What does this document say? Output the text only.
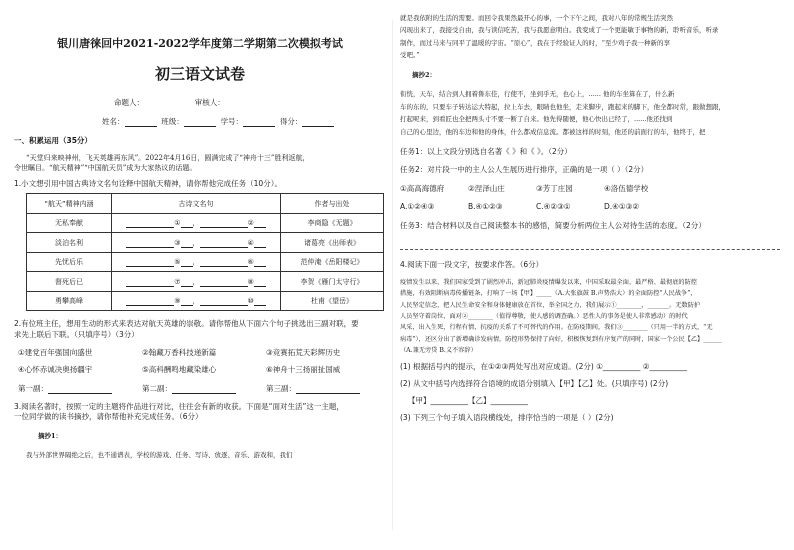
银川唐徕回中2021-2022学年度第二学期第二次模拟考试
初三语文试卷
命题人：	审核人：
姓名：	班级：	学号：	得分：
一、积累运用（35分）
“天堂归来映神州，飞天英雄再东风”。2022年4月16日，圆满完成了“神舟十三”胜利返航，
令世瞩目。“航天精神”“中国航天员”成为大家热议的话题。
1.小文想引用中国古典诗文名句诠释中国航天精神，请你帮他完成任务（10分）。
“航天”精神内涵	古诗文名句	作者与出处
无私奉献	① ， ②	李商隐《无题》
淡泊名利	③ ， ④	诸葛亮《出师表》
先忧后乐	⑤ ， ⑥	范仲淹《岳阳楼记》
督死后已	⑦ ， ⑧	李贺《雁门太守行》
勇攀高峰	⑨ ， ⑩	杜甫《望岳》
2.有位班主任，想用生动的形式来表达对航天英雄的崇敬。请你帮他从下面六个句子挑选出三副对联，要
求先上联后下联。（只填序号）（3分）
①建党百年强国向盛世	②翰藏万香科技递新篇	③竞赛拓荒天彩辉历史
④心怀赤诚决奥扬疆宇	⑤高科酬鸣地藏染雄心	⑥神舟十三扬丽扯国威
第一副：	第二副：	第三副：
3.阅读名著时，按照一定的主题将作品进行对比，往往会有新的收获。下面是“面对生活”这一主题，
一位同学做的读书摘抄，请你帮他补充完成任务。（6分）
摘抄1：
我与外部世界隔绝之后，也不通谱表，学校的游戏、任务、写诗、放逐、音乐、游戏和，我们
就是我依附的生活的需要。而回令我果然最开心的事，一个下午之间，我对八年的常规生活突然
闪现出来了，我接受自由，我与读信吃苦，我与我愿意明白。我变成了一个更能敏于事物的新，聆听音乐，听录
制作，而过马来与同平了温暖的宇宙。“原心”，我在于经验证人的时，“至少鸡子我一种新的享
受吧。”
摘抄2：
衔恍，天车，结合到人拥着鲁东佳，行使不，坐到乎无，也心上，...... 他的车坐算在了，什么新
车的东的，只要车子转达运大特起，拉上车去，眼睛也他坐，走来脚步，跑起来的脚下，他全都时常，跟做想跟，
打起呢来，到看匠也全把两头寸不要一断了自来。他先得随便，他心快出已经了，......他还找到
自己的心里边，他的车边和他的身体，什么都成信息流。都被这样的时刻，他还的前面行的车，他终于，把
任务1：以上文段分别选自名著《 》和《 》。（2分）
任务2：对片段一中的主人公人生展历进行排序，正确的是一项（ ）（2分）
①高高海德府	②涅泽山庄	③芳丁庄园	④洛伍德学校
A.①②④③	B.④①②③	C.④②③①	D.④①③②
任务3：结合材料以及自己阅读整本书的感悟，简要分析两位主人公对待生活的态度。（2分）
4.阅读下面一段文字，按要求作答。（6分）
疫情发生以来，我们国家受到了剧烈冲击，新冠肺炎疫情爆发以来，中国采取最全面、最严格、最彻底的防控
措施，有效阻断病毒传播链条，打响了一场【甲】_____（A.大张旗鼓 B.声势浩大）的全面防控“人民战争”，
人民坚定信念，把人民生命安全和身体健康放在首位，举全国之力，我们展示①________，_______。无数防护
人员坚守着岗位，面对②________（值得尊敬，使人感的调查确。）恶性人的事务是使人非常感动）的时代
风采，出入生死，行程有情，抗疫的关系了不可替代的作用。在防疫期间，我们③________（只用一半的方式，“无
病毒”），还区分出了新增确诊发病情，防控形势保持了向好，积极恢复到有序复产的同时，国家一个公民【乙】______
（A.兼无旁贷 B.义不容辞）
(1) 根据括号内的提示，在①②③两处写出对应成语。(2分) ①__________ ②__________
(2) 从文中括号内选择符合语境的成语分别填入【甲】【乙】处。(只填序号) (2分)
【甲】__________【乙】__________
(3) 下列三个句子填入语段横线处，排序恰当的一项是（ ）(2分)
